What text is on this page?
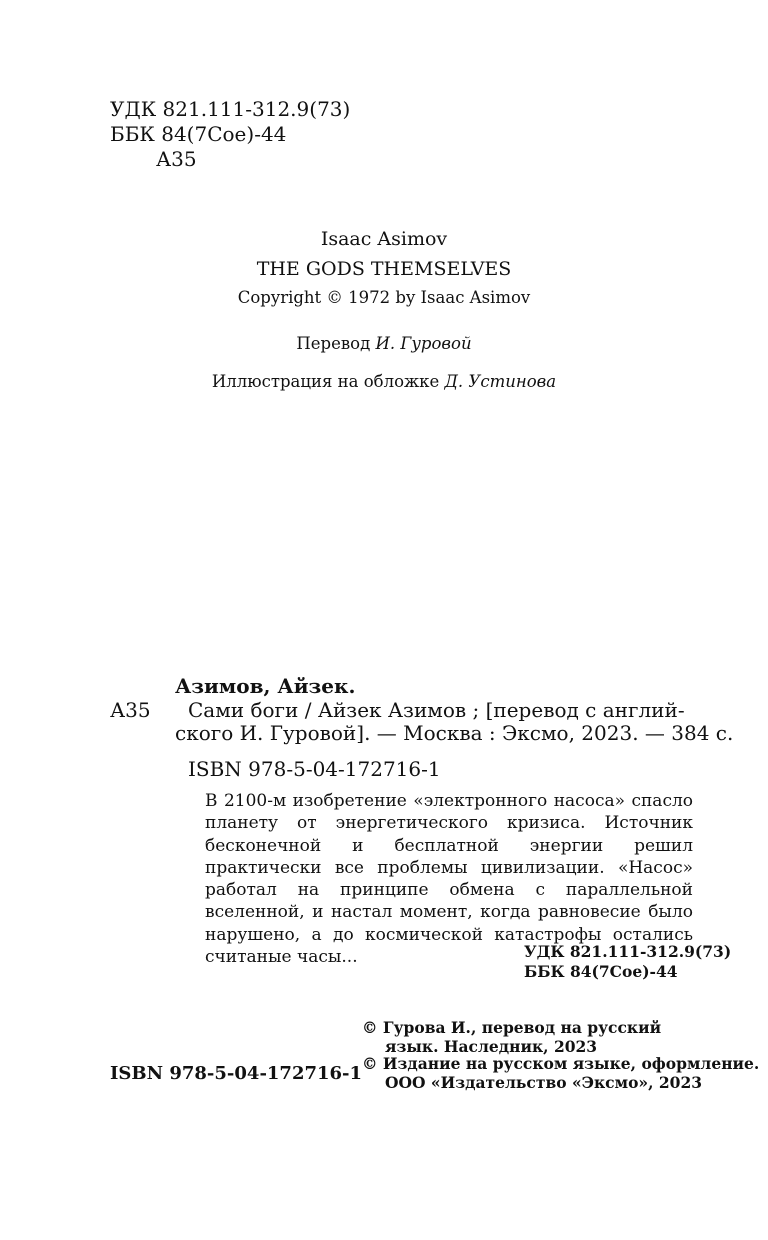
УДК 821.111-312.9(73)
ББК 84(7Сое)-44
А35
Isaac Asimov
THE GODS THEMSELVES
Copyright © 1972 by Isaac Asimov
Перевод И. Гуровой
Иллюстрация на обложке Д. Устинова
Азимов, Айзек.
А35 Сами боги / Айзек Азимов ; [перевод с англий-
ского И. Гуровой]. — Москва : Эксмо, 2023. — 384 с.
ISBN 978-5-04-172716-1

В 2100-м изобретение «электронного насоса» спасло планету от энергетического кризиса. Источник бесконечной и бесплатной энергии решил практически все проблемы цивилизации. «Насос» работал на принципе обмена с параллельной вселенной, и настал момент, когда равновесие было нарушено, а до космической катастрофы остались считаные часы...	УДК 821.111-312.9(73)
ББК 84(7Сое)-44
© Гурова И., перевод на русский
язык. Наследник, 2023
© Издание на русском языке, оформление.
ООО «Издательство «Эксмо», 2023
ISBN 978-5-04-172716-1
